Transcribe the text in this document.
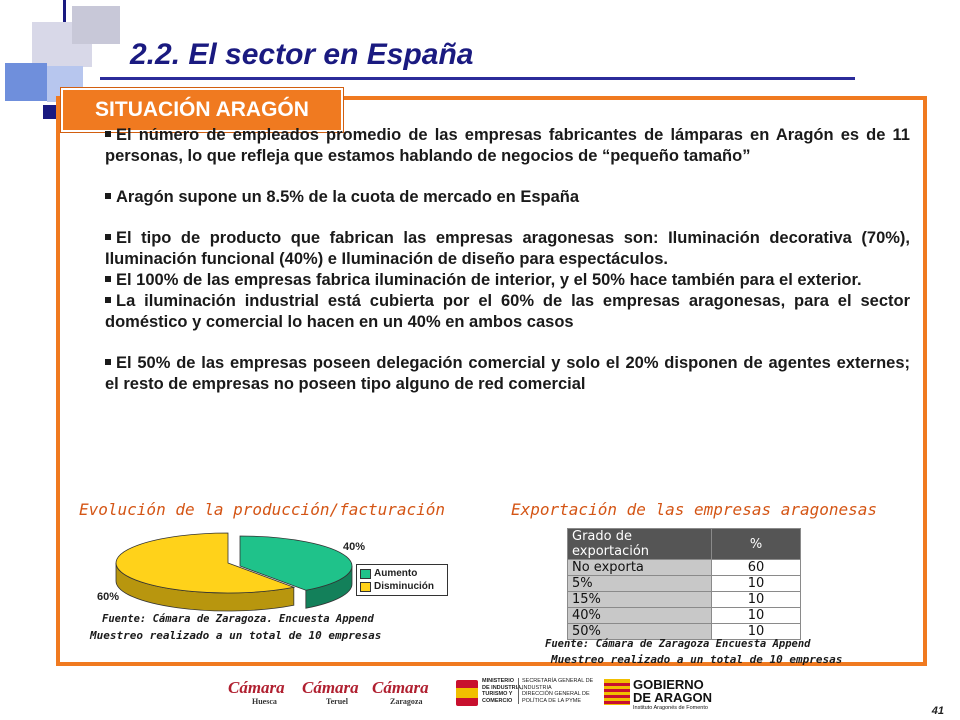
2.2. El sector en España
SITUACIÓN ARAGÓN

El número de empleados promedio de las empresas fabricantes de lámparas en Aragón es de 11 personas, lo que refleja que estamos hablando de negocios de “pequeño tamaño”

Aragón supone un 8.5% de la cuota de mercado en España

El tipo de producto que fabrican las empresas aragonesas son: Iluminación decorativa (70%), Iluminación funcional (40%) e Iluminación de diseño para espectáculos.

El 100% de las empresas fabrica iluminación de interior, y el 50% hace también para el exterior.

La iluminación industrial está cubierta por el 60% de las empresas aragonesas, para el sector doméstico y comercial lo hacen en un 40% en ambos casos

El 50% de las empresas poseen delegación comercial y solo el 20% disponen de agentes externes; el resto de empresas no poseen tipo alguno de red comercial

Evolución de la producción/facturación
40%
60%
Aumento
Disminución
Fuente: Cámara de Zaragoza. Encuesta Append
Muestreo realizado a un total de 10 empresas
Exportación de las empresas aragonesas
Grado de exportación	%
No exporta	60
5%	10
15%	10
40%	10
50%	10
Fuente: Cámara de Zaragoza Encuesta Append
Muestreo realizado a un total de 10 empresas
Cámara
Huesca
Cámara
Teruel
Cámara
Zaragoza
MINISTERIO
DE INDUSTRIA,
TURISMO Y
COMERCIO
SECRETARÍA GENERAL DE
INDUSTRIA
DIRECCIÓN GENERAL DE
POLÍTICA DE LA PYME
GOBIERNO
DE ARAGON
Instituto Aragonés de Fomento	41
